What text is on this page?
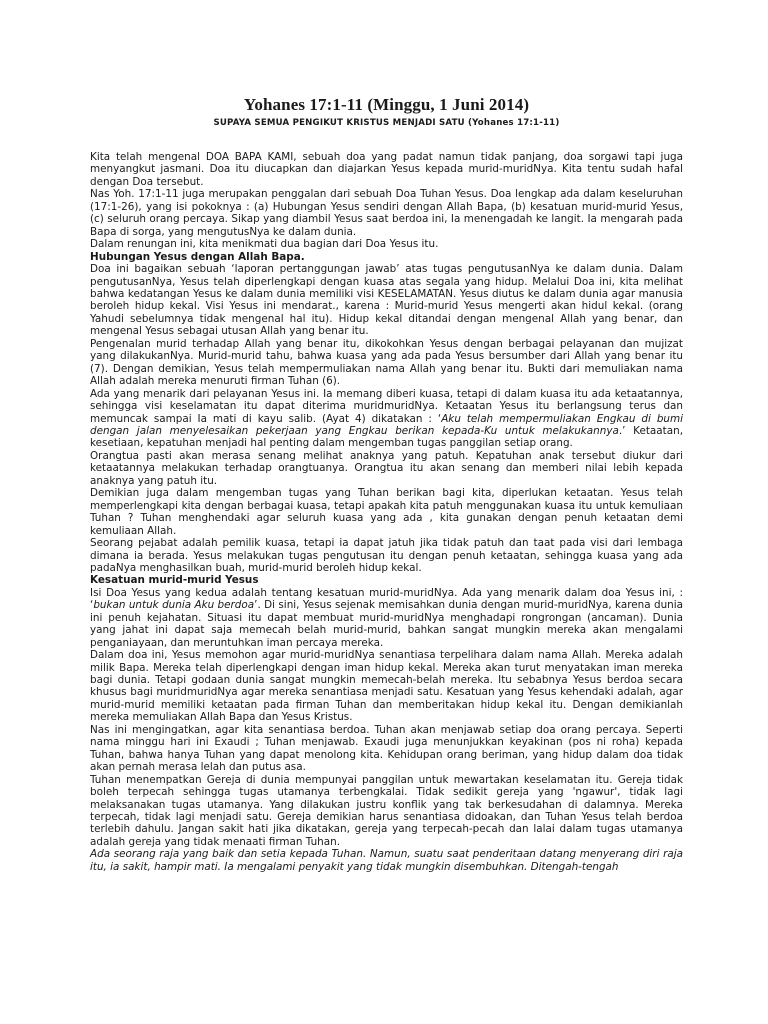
Yohanes 17:1-11 (Minggu, 1 Juni 2014)
SUPAYA SEMUA PENGIKUT KRISTUS MENJADI SATU (Yohanes 17:1-11)

Kita telah mengenal DOA BAPA KAMI, sebuah doa yang padat namun tidak panjang, doa sorgawi tapi juga menyangkut jasmani. Doa itu diucapkan dan diajarkan Yesus kepada murid-muridNya. Kita tentu sudah hafal dengan Doa tersebut.

Nas Yoh. 17:1-11 juga merupakan penggalan dari sebuah Doa Tuhan Yesus. Doa lengkap ada dalam keseluruhan (17:1-26), yang isi pokoknya : (a) Hubungan Yesus sendiri dengan Allah Bapa, (b) kesatuan murid-murid Yesus, (c) seluruh orang percaya. Sikap yang diambil Yesus saat berdoa ini, Ia menengadah ke langit. Ia mengarah pada Bapa di sorga, yang mengutusNya ke dalam dunia.

Dalam renungan ini, kita menikmati dua bagian dari Doa Yesus itu.

Hubungan Yesus dengan Allah Bapa.

Doa ini bagaikan sebuah ‘laporan pertanggungan jawab’ atas tugas pengutusanNya ke dalam dunia. Dalam pengutusanNya, Yesus telah diperlengkapi dengan kuasa atas segala yang hidup. Melalui Doa ini, kita melihat bahwa kedatangan Yesus ke dalam dunia memiliki visi KESELAMATAN. Yesus diutus ke dalam dunia agar manusia beroleh hidup kekal. Visi Yesus ini mendarat., karena : Murid-murid Yesus mengerti akan hidul kekal. (orang Yahudi sebelumnya tidak mengenal hal itu). Hidup kekal ditandai dengan mengenal Allah yang benar, dan mengenal Yesus sebagai utusan Allah yang benar itu.

Pengenalan murid terhadap Allah yang benar itu, dikokohkan Yesus dengan berbagai pelayanan dan mujizat yang dilakukanNya. Murid-murid tahu, bahwa kuasa yang ada pada Yesus bersumber dari Allah yang benar itu (7). Dengan demikian, Yesus telah mempermuliakan nama Allah yang benar itu. Bukti dari memuliakan nama Allah adalah mereka menuruti firman Tuhan (6).

Ada yang menarik dari pelayanan Yesus ini. Ia memang diberi kuasa, tetapi di dalam kuasa itu ada ketaatannya, sehingga visi keselamatan itu dapat diterima muridmuridNya. Ketaatan Yesus itu berlangsung terus dan memuncak sampai Ia mati di kayu salib. (Ayat 4) dikatakan : ‘Aku telah mempermuliakan Engkau di bumi dengan jalan menyelesaikan pekerjaan yang Engkau berikan kepada-Ku untuk melakukannya.’ Ketaatan, kesetiaan, kepatuhan menjadi hal penting dalam mengemban tugas panggilan setiap orang.

Orangtua pasti akan merasa senang melihat anaknya yang patuh. Kepatuhan anak tersebut diukur dari ketaatannya melakukan terhadap orangtuanya. Orangtua itu akan senang dan memberi nilai lebih kepada anaknya yang patuh itu.

Demikian juga dalam mengemban tugas yang Tuhan berikan bagi kita, diperlukan ketaatan. Yesus telah memperlengkapi kita dengan berbagai kuasa, tetapi apakah kita patuh menggunakan kuasa itu untuk kemuliaan Tuhan ? Tuhan menghendaki agar seluruh kuasa yang ada , kita gunakan dengan penuh ketaatan demi kemuliaan Allah.

Seorang pejabat adalah pemilik kuasa, tetapi ia dapat jatuh jika tidak patuh dan taat pada visi dari lembaga dimana ia berada. Yesus melakukan tugas pengutusan itu dengan penuh ketaatan, sehingga kuasa yang ada padaNya menghasilkan buah, murid-murid beroleh hidup kekal.

Kesatuan murid-murid Yesus

Isi Doa Yesus yang kedua adalah tentang kesatuan murid-muridNya. Ada yang menarik dalam doa Yesus ini, : ‘bukan untuk dunia Aku berdoa’. Di sini, Yesus sejenak memisahkan dunia dengan murid-muridNya, karena dunia ini penuh kejahatan. Situasi itu dapat membuat murid-muridNya menghadapi rongrongan (ancaman). Dunia yang jahat ini dapat saja memecah belah murid-murid, bahkan sangat mungkin mereka akan mengalami penganiayaan, dan meruntuhkan iman percaya mereka.

Dalam doa ini, Yesus memohon agar murid-muridNya senantiasa terpelihara dalam nama Allah. Mereka adalah milik Bapa. Mereka telah diperlengkapi dengan iman hidup kekal. Mereka akan turut menyatakan iman mereka bagi dunia. Tetapi godaan dunia sangat mungkin memecah-belah mereka. Itu sebabnya Yesus berdoa secara khusus bagi muridmuridNya agar mereka senantiasa menjadi satu. Kesatuan yang Yesus kehendaki adalah, agar murid-murid memiliki ketaatan pada firman Tuhan dan memberitakan hidup kekal itu. Dengan demikianlah mereka memuliakan Allah Bapa dan Yesus Kristus.

Nas ini mengingatkan, agar kita senantiasa berdoa. Tuhan akan menjawab setiap doa orang percaya. Seperti nama minggu hari ini Exaudi ; Tuhan menjawab. Exaudi juga menunjukkan keyakinan (pos ni roha) kepada Tuhan, bahwa hanya Tuhan yang dapat menolong kita. Kehidupan orang beriman, yang hidup dalam doa tidak akan pernah merasa lelah dan putus asa.

Tuhan menempatkan Gereja di dunia mempunyai panggilan untuk mewartakan keselamatan itu. Gereja tidak boleh terpecah sehingga tugas utamanya terbengkalai. Tidak sedikit gereja yang 'ngawur', tidak lagi melaksanakan tugas utamanya. Yang dilakukan justru konflik yang tak berkesudahan di dalamnya. Mereka terpecah, tidak lagi menjadi satu. Gereja demikian harus senantiasa didoakan, dan Tuhan Yesus telah berdoa terlebih dahulu. Jangan sakit hati jika dikatakan, gereja yang terpecah-pecah dan lalai dalam tugas utamanya adalah gereja yang tidak menaati firman Tuhan.

Ada seorang raja yang baik dan setia kepada Tuhan. Namun, suatu saat penderitaan datang menyerang diri raja itu, ia sakit, hampir mati. Ia mengalami penyakit yang tidak mungkin disembuhkan. Ditengah-tengah
